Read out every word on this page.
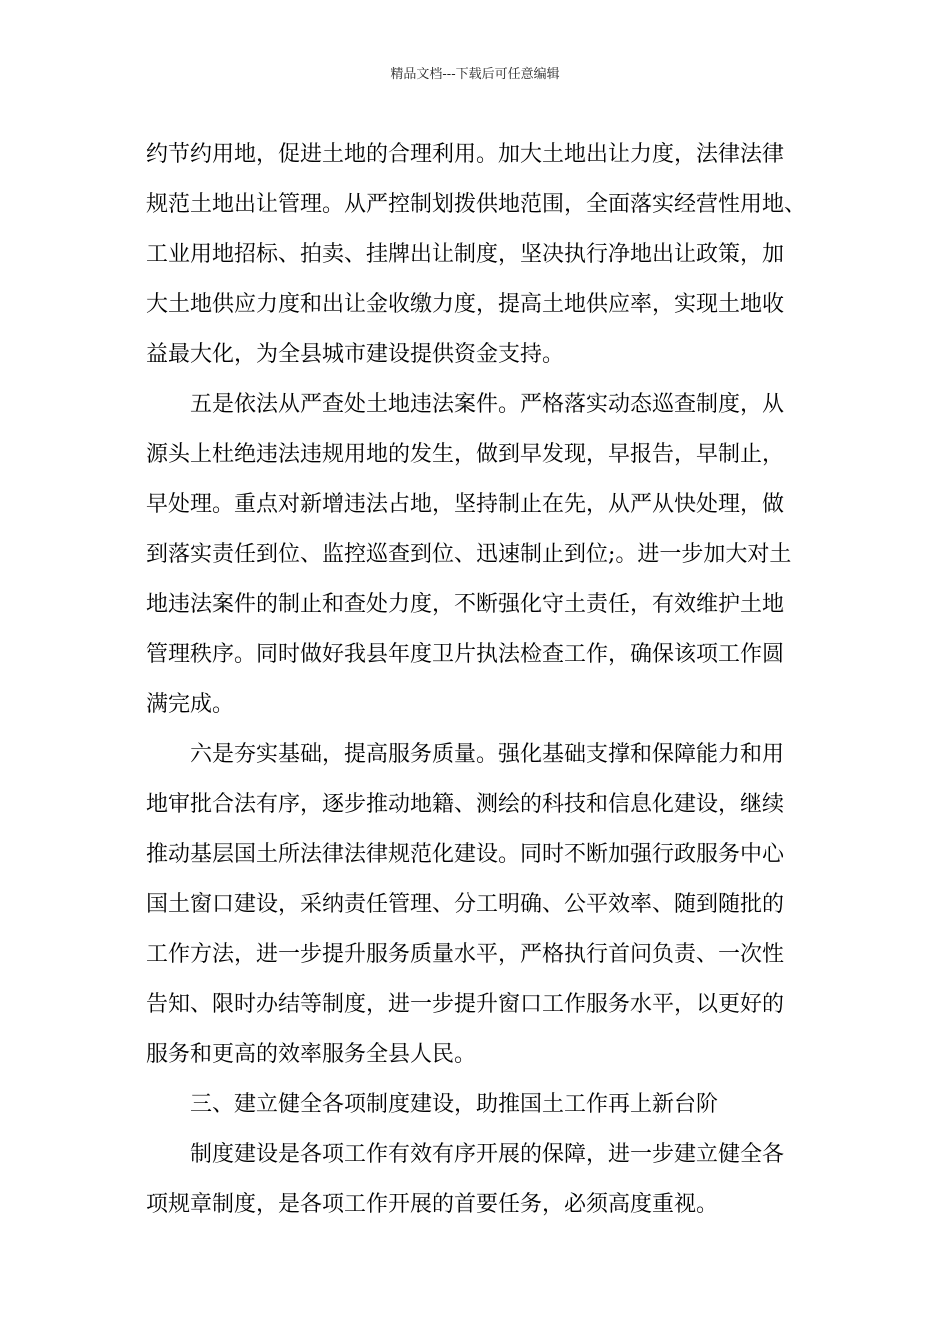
精品文档---下载后可任意编辑
约节约用地，促进土地的合理利用。加大土地出让力度，法律法律
规范土地出让管理。从严控制划拨供地范围，全面落实经营性用地、
工业用地招标、拍卖、挂牌出让制度，坚决执行净地出让政策，加
大土地供应力度和出让金收缴力度，提高土地供应率，实现土地收
益最大化，为全县城市建设提供资金支持。
五是依法从严查处土地违法案件。严格落实动态巡查制度，从
源头上杜绝违法违规用地的发生，做到早发现，早报告，早制止，
早处理。重点对新增违法占地，坚持制止在先，从严从快处理，做
到落实责任到位、监控巡查到位、迅速制止到位;。进一步加大对土
地违法案件的制止和查处力度，不断强化守土责任，有效维护土地
管理秩序。同时做好我县年度卫片执法检查工作，确保该项工作圆
满完成。
六是夯实基础，提高服务质量。强化基础支撑和保障能力和用
地审批合法有序，逐步推动地籍、测绘的科技和信息化建设，继续
推动基层国土所法律法律规范化建设。同时不断加强行政服务中心
国土窗口建设，采纳责任管理、分工明确、公平效率、随到随批的
工作方法，进一步提升服务质量水平，严格执行首问负责、一次性
告知、限时办结等制度，进一步提升窗口工作服务水平，以更好的
服务和更高的效率服务全县人民。
三、建立健全各项制度建设，助推国土工作再上新台阶
制度建设是各项工作有效有序开展的保障，进一步建立健全各
项规章制度，是各项工作开展的首要任务，必须高度重视。
